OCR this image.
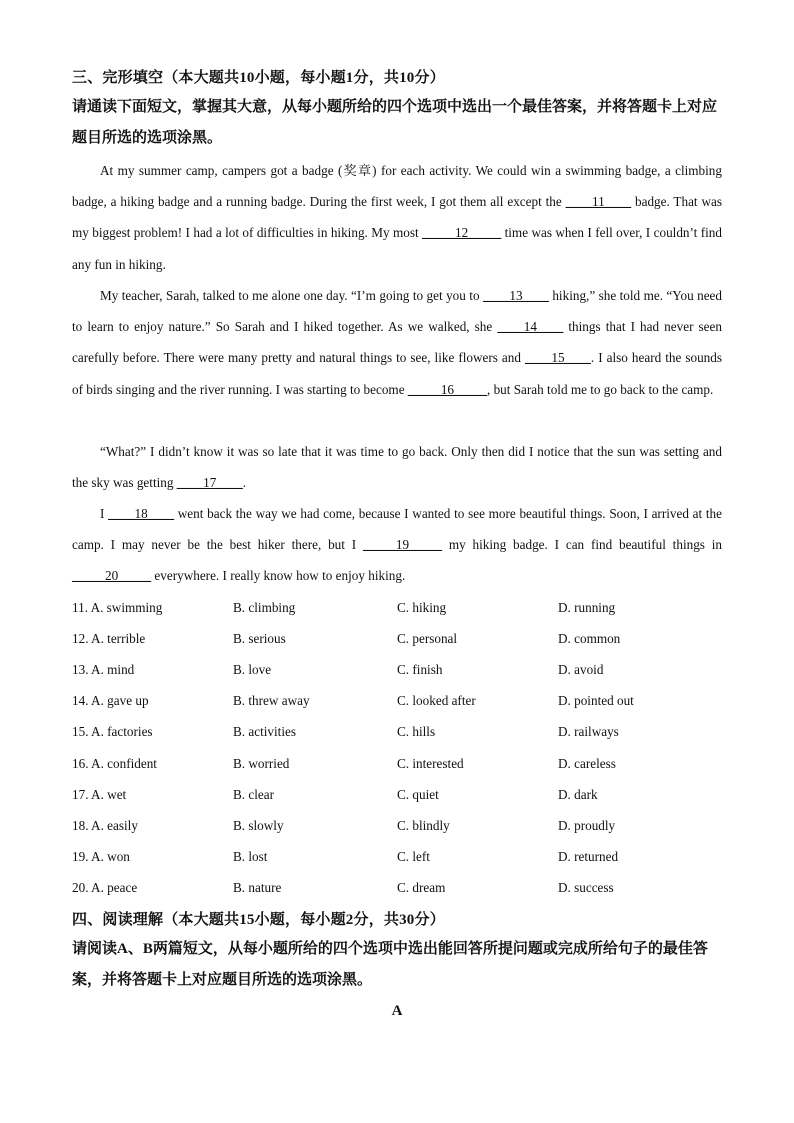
三、完形填空（本大题共10小题，每小题1分，共10分）
请通读下面短文，掌握其大意，从每小题所给的四个选项中选出一个最佳答案，并将答题卡上对应题目所选的选项涂黑。
At my summer camp, campers got a badge (奖章) for each activity. We could win a swimming badge, a climbing badge, a hiking badge and a running badge. During the first week, I got them all except the ____11____ badge. That was my biggest problem! I had a lot of difficulties in hiking. My most _____12_____ time was when I fell over, I couldn’t find any fun in hiking.
My teacher, Sarah, talked to me alone one day. “I’m going to get you to ____13____ hiking,” she told me. “You need to learn to enjoy nature.” So Sarah and I hiked together. As we walked, she ____14____ things that I had never seen carefully before. There were many pretty and natural things to see, like flowers and ____15____. I also heard the sounds of birds singing and the river running. I was starting to become _____16_____, but Sarah told me to go back to the camp.
“What?” I didn’t know it was so late that it was time to go back. Only then did I notice that the sun was setting and the sky was getting ____17____.
I ____18____ went back the way we had come, because I wanted to see more beautiful things. Soon, I arrived at the camp. I may never be the best hiker there, but I _____19_____ my hiking badge. I can find beautiful things in _____20_____ everywhere. I really know how to enjoy hiking.
11. A. swimming	B. climbing	C. hiking	D. running
12. A. terrible	B. serious	C. personal	D. common
13. A. mind	B. love	C. finish	D. avoid
14. A. gave up	B. threw away	C. looked after	D. pointed out
15. A. factories	B. activities	C. hills	D. railways
16. A. confident	B. worried	C. interested	D. careless
17. A. wet	B. clear	C. quiet	D. dark
18. A. easily	B. slowly	C. blindly	D. proudly
19. A. won	B. lost	C. left	D. returned
20. A. peace	B. nature	C. dream	D. success
四、阅读理解（本大题共15小题，每小题2分，共30分）
请阅读A、B两篇短文，从每小题所给的四个选项中选出能回答所提问题或完成所给句子的最佳答案，并将答题卡上对应题目所选的选项涂黑。
A
